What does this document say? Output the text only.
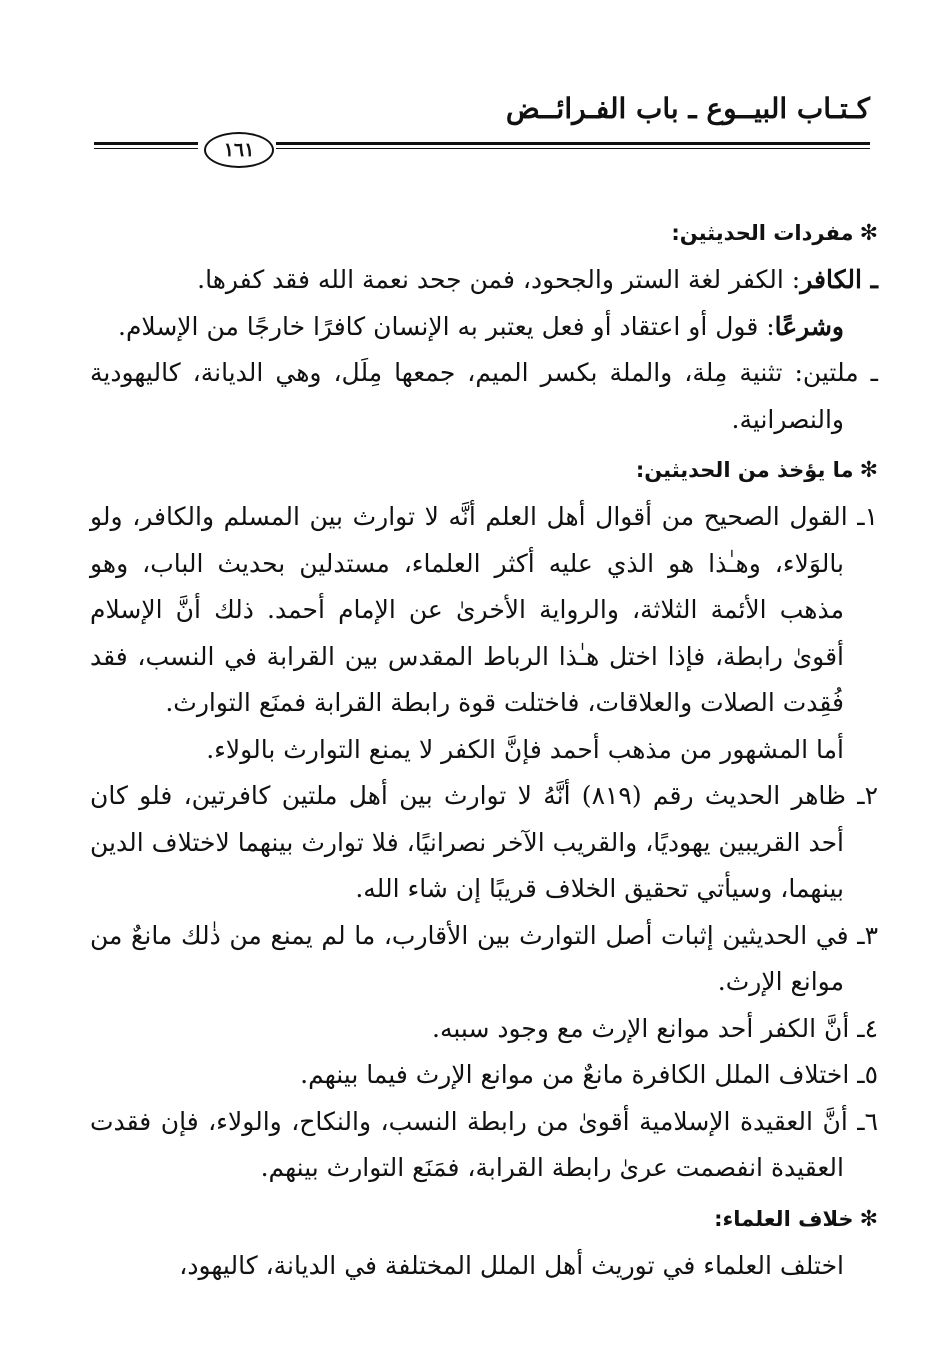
كـتـاب البيــوع ـ باب الفـرائــض
١٦١

✻مفردات الحديثين:

ـ الكافر: الكفر لغة الستر والجحود، فمن جحد نعمة الله فقد كفرها.

وشرعًا: قول أو اعتقاد أو فعل يعتبر به الإنسان كافرًا خارجًا من الإسلام.

ـ ملتين: تثنية مِلة، والملة بكسر الميم، جمعها مِلَل، وهي الديانة، كاليهودية والنصرانية.

✻ما يؤخذ من الحديثين:

١ـ القول الصحيح من أقوال أهل العلم أنَّه لا توارث بين المسلم والكافر، ولو بالوَلاء، وهـٰذا هو الذي عليه أكثر العلماء، مستدلين بحديث الباب، وهو مذهب الأئمة الثلاثة، والرواية الأخرىٰ عن الإمام أحمد. ذلك أنَّ الإسلام أقوىٰ رابطة، فإذا اختل هـٰذا الرباط المقدس بين القرابة في النسب، فقد فُقِدت الصلات والعلاقات، فاختلت قوة رابطة القرابة فمنَع التوارث.

أما المشهور من مذهب أحمد فإنَّ الكفر لا يمنع التوارث بالولاء.

٢ـ ظاهر الحديث رقم (٨١٩) أنَّهُ لا توارث بين أهل ملتين كافرتين، فلو كان أحد القريبين يهوديًا، والقريب الآخر نصرانيًا، فلا توارث بينهما لاختلاف الدين بينهما، وسيأتي تحقيق الخلاف قريبًا إن شاء الله.

٣ـ في الحديثين إثبات أصل التوارث بين الأقارب، ما لم يمنع من ذٰلك مانعٌ من موانع الإرث.

٤ـ أنَّ الكفر أحد موانع الإرث مع وجود سببه.

٥ـ اختلاف الملل الكافرة مانعٌ من موانع الإرث فيما بينهم.

٦ـ أنَّ العقيدة الإسلامية أقوىٰ من رابطة النسب، والنكاح، والولاء، فإن فقدت العقيدة انفصمت عرىٰ رابطة القرابة، فمَنَع التوارث بينهم.

✻خلاف العلماء:

اختلف العلماء في توريث أهل الملل المختلفة في الديانة، كاليهود،
